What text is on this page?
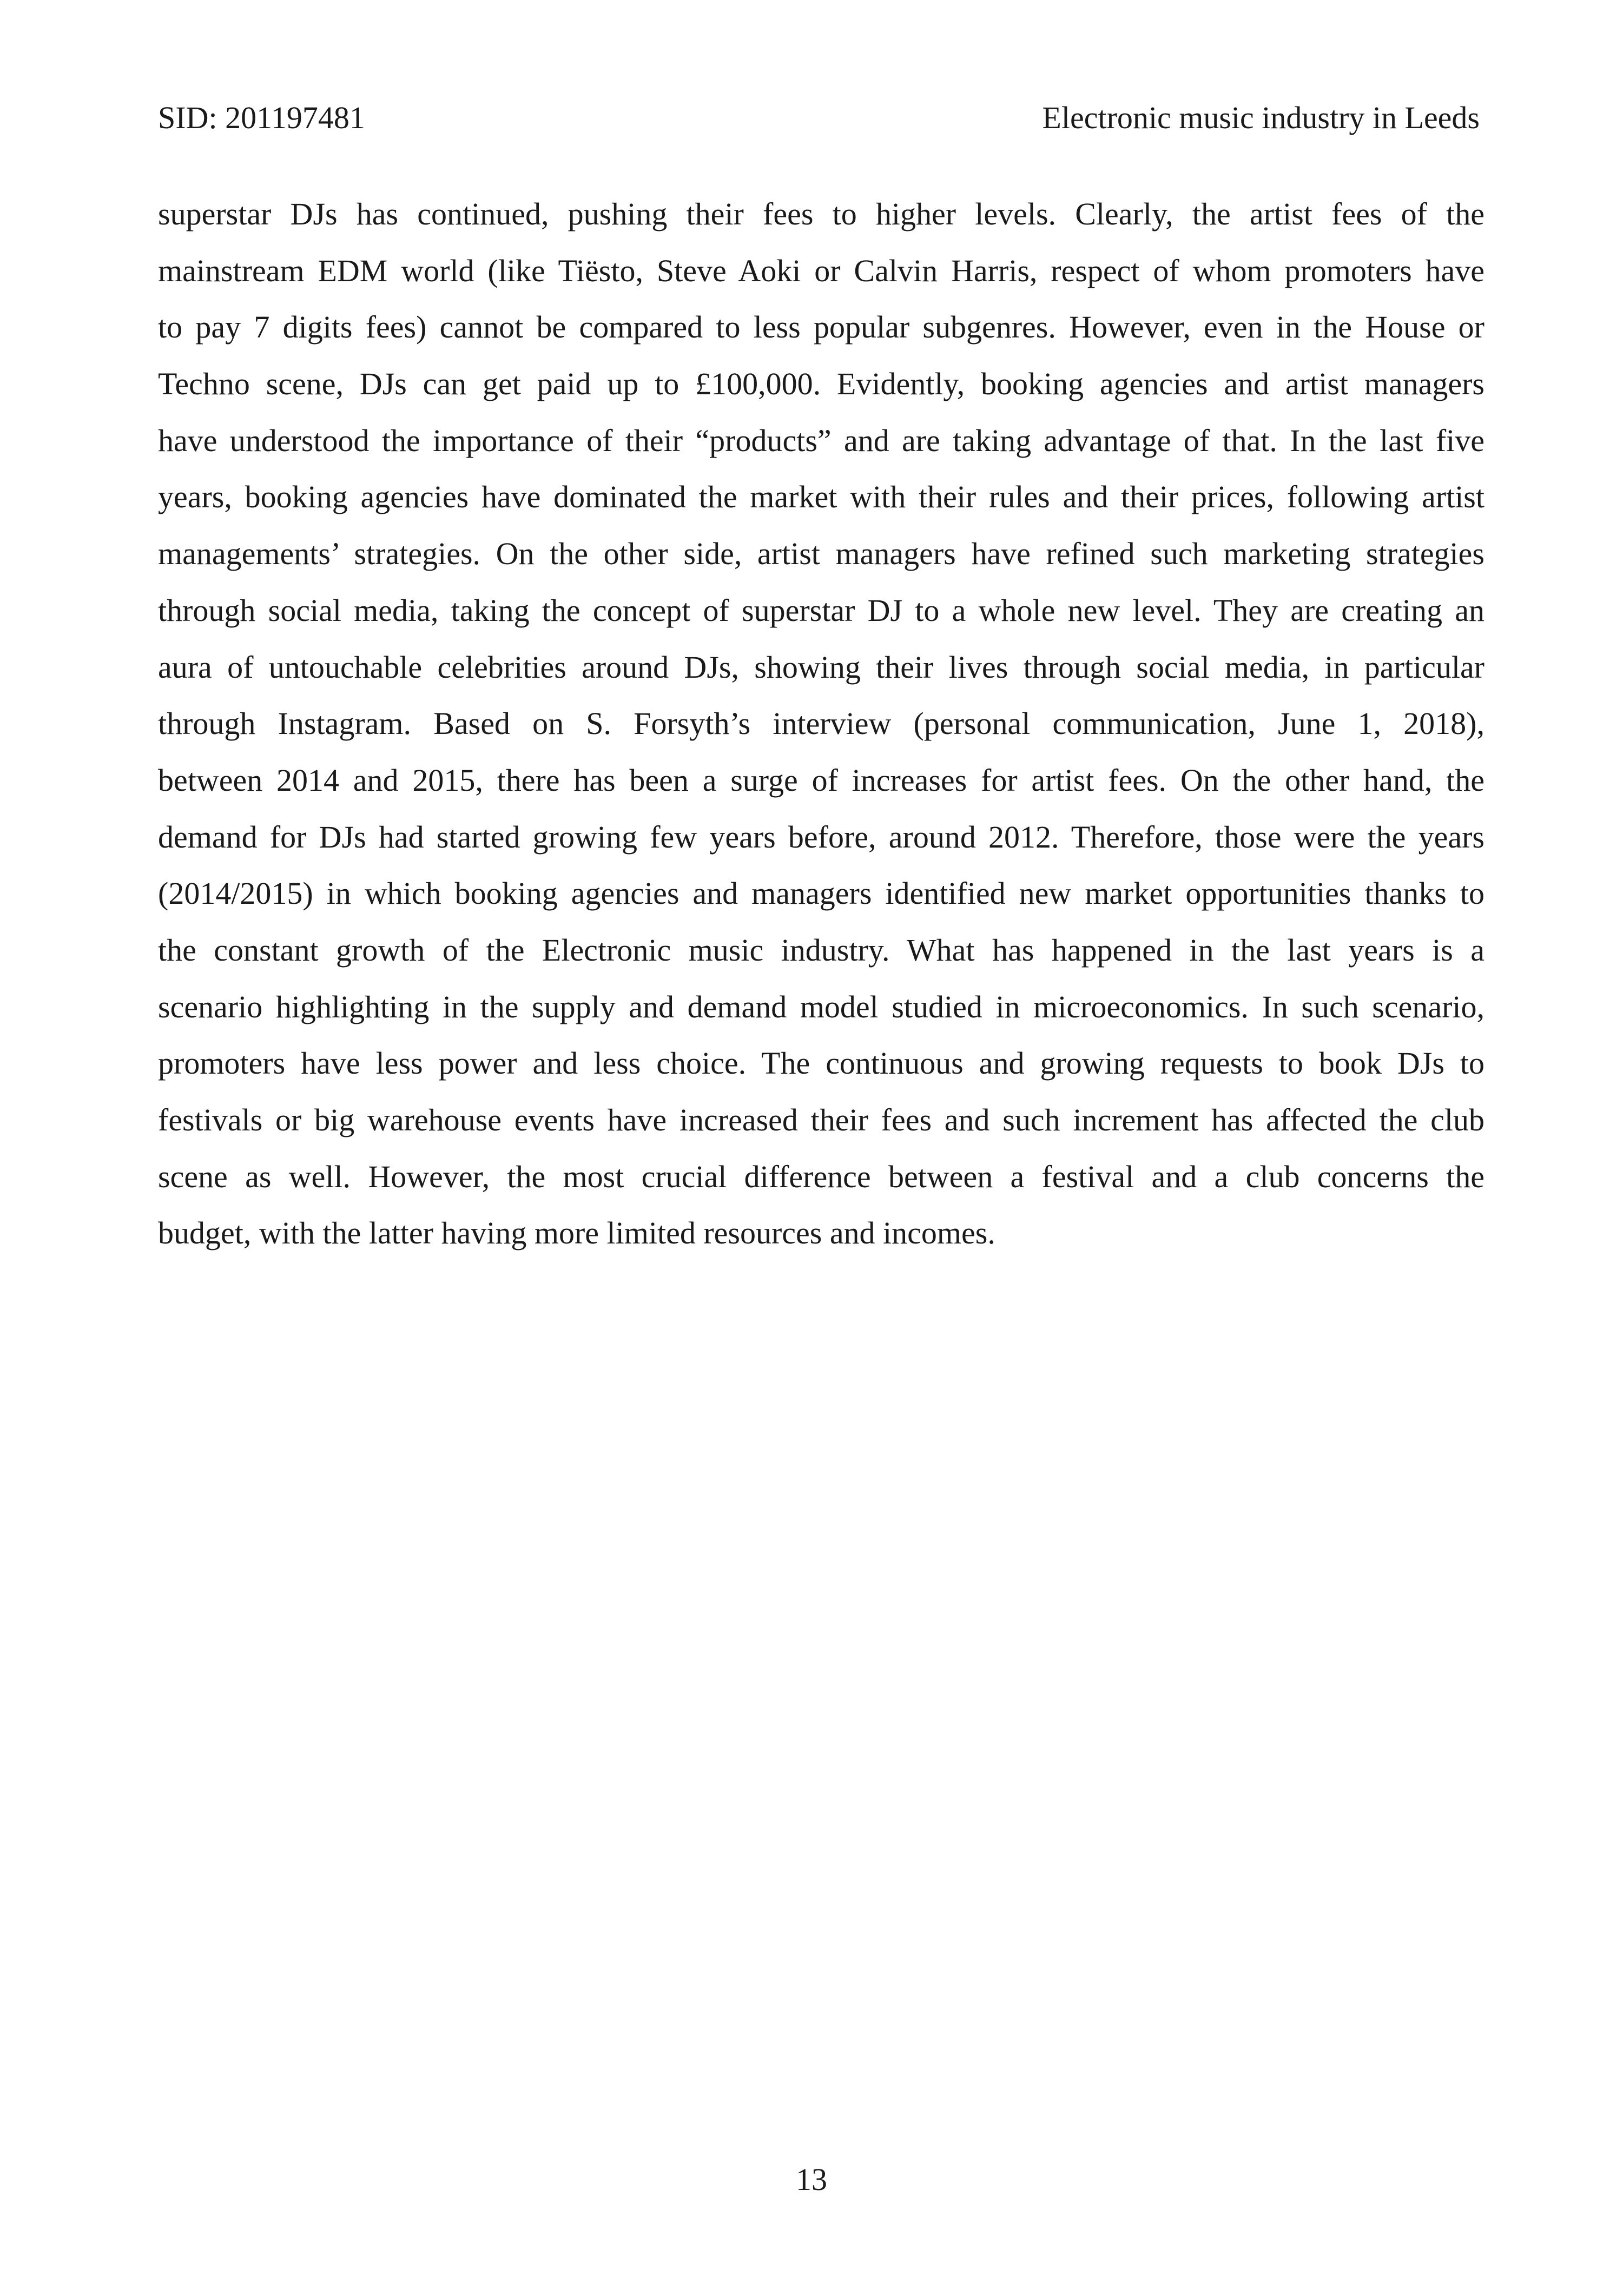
SID: 201197481	Electronic music industry in Leeds
superstar DJs has continued, pushing their fees to higher levels. Clearly, the artist fees of the
mainstream EDM world (like Tiësto, Steve Aoki or Calvin Harris, respect of whom promoters have
to pay 7 digits fees) cannot be compared to less popular subgenres. However, even in the House or
Techno scene, DJs can get paid up to £100,000. Evidently, booking agencies and artist managers
have understood the importance of their “products” and are taking advantage of that. In the last five
years, booking agencies have dominated the market with their rules and their prices, following artist
managements’ strategies. On the other side, artist managers have refined such marketing strategies
through social media, taking the concept of superstar DJ to a whole new level. They are creating an
aura of untouchable celebrities around DJs, showing their lives through social media, in particular
through Instagram. Based on S. Forsyth’s interview (personal communication, June 1, 2018),
between 2014 and 2015, there has been a surge of increases for artist fees. On the other hand, the
demand for DJs had started growing few years before, around 2012. Therefore, those were the years
(2014/2015) in which booking agencies and managers identified new market opportunities thanks to
the constant growth of the Electronic music industry. What has happened in the last years is a
scenario highlighting in the supply and demand model studied in microeconomics. In such scenario,
promoters have less power and less choice. The continuous and growing requests to book DJs to
festivals or big warehouse events have increased their fees and such increment has affected the club
scene as well. However, the most crucial difference between a festival and a club concerns the
budget, with the latter having more limited resources and incomes.
13
